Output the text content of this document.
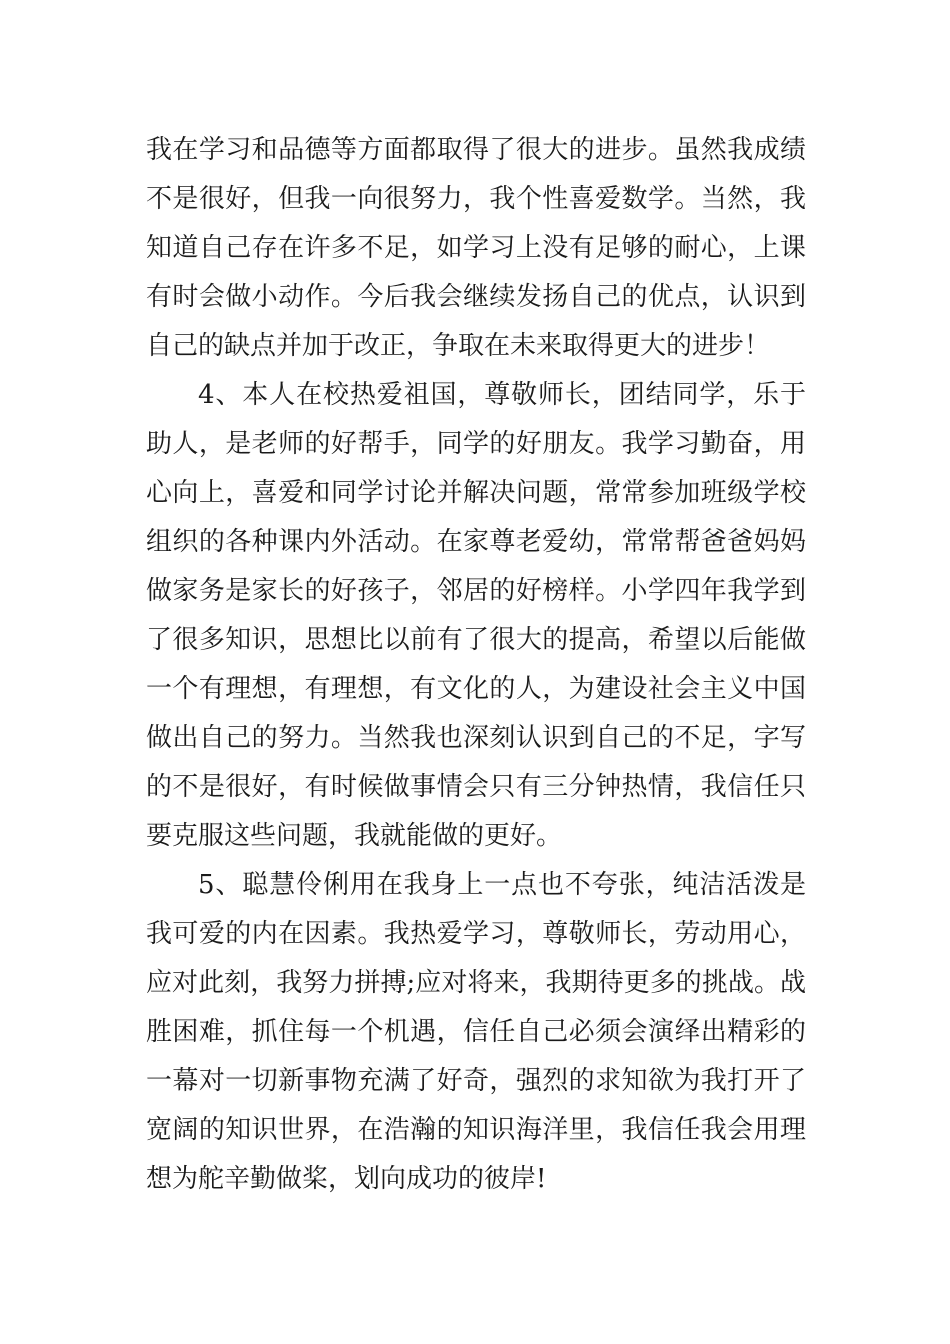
我在学习和品德等方面都取得了很大的进步。虽然我成绩不是很好，但我一向很努力，我个性喜爱数学。当然，我知道自己存在许多不足，如学习上没有足够的耐心，上课有时会做小动作。今后我会继续发扬自己的优点，认识到自己的缺点并加于改正，争取在未来取得更大的进步！

4、本人在校热爱祖国，尊敬师长，团结同学，乐于助人，是老师的好帮手，同学的好朋友。我学习勤奋，用心向上，喜爱和同学讨论并解决问题，常常参加班级学校组织的各种课内外活动。在家尊老爱幼，常常帮爸爸妈妈做家务是家长的好孩子，邻居的好榜样。小学四年我学到了很多知识，思想比以前有了很大的提高，希望以后能做一个有理想，有理想，有文化的人，为建设社会主义中国做出自己的努力。当然我也深刻认识到自己的不足，字写的不是很好，有时候做事情会只有三分钟热情，我信任只要克服这些问题，我就能做的更好。

5、聪慧伶俐用在我身上一点也不夸张，纯洁活泼是我可爱的内在因素。我热爱学习，尊敬师长，劳动用心，应对此刻，我努力拼搏;应对将来，我期待更多的挑战。战胜困难，抓住每一个机遇，信任自己必须会演绎出精彩的一幕对一切新事物充满了好奇，强烈的求知欲为我打开了宽阔的知识世界，在浩瀚的知识海洋里，我信任我会用理想为舵辛勤做桨，划向成功的彼岸!
